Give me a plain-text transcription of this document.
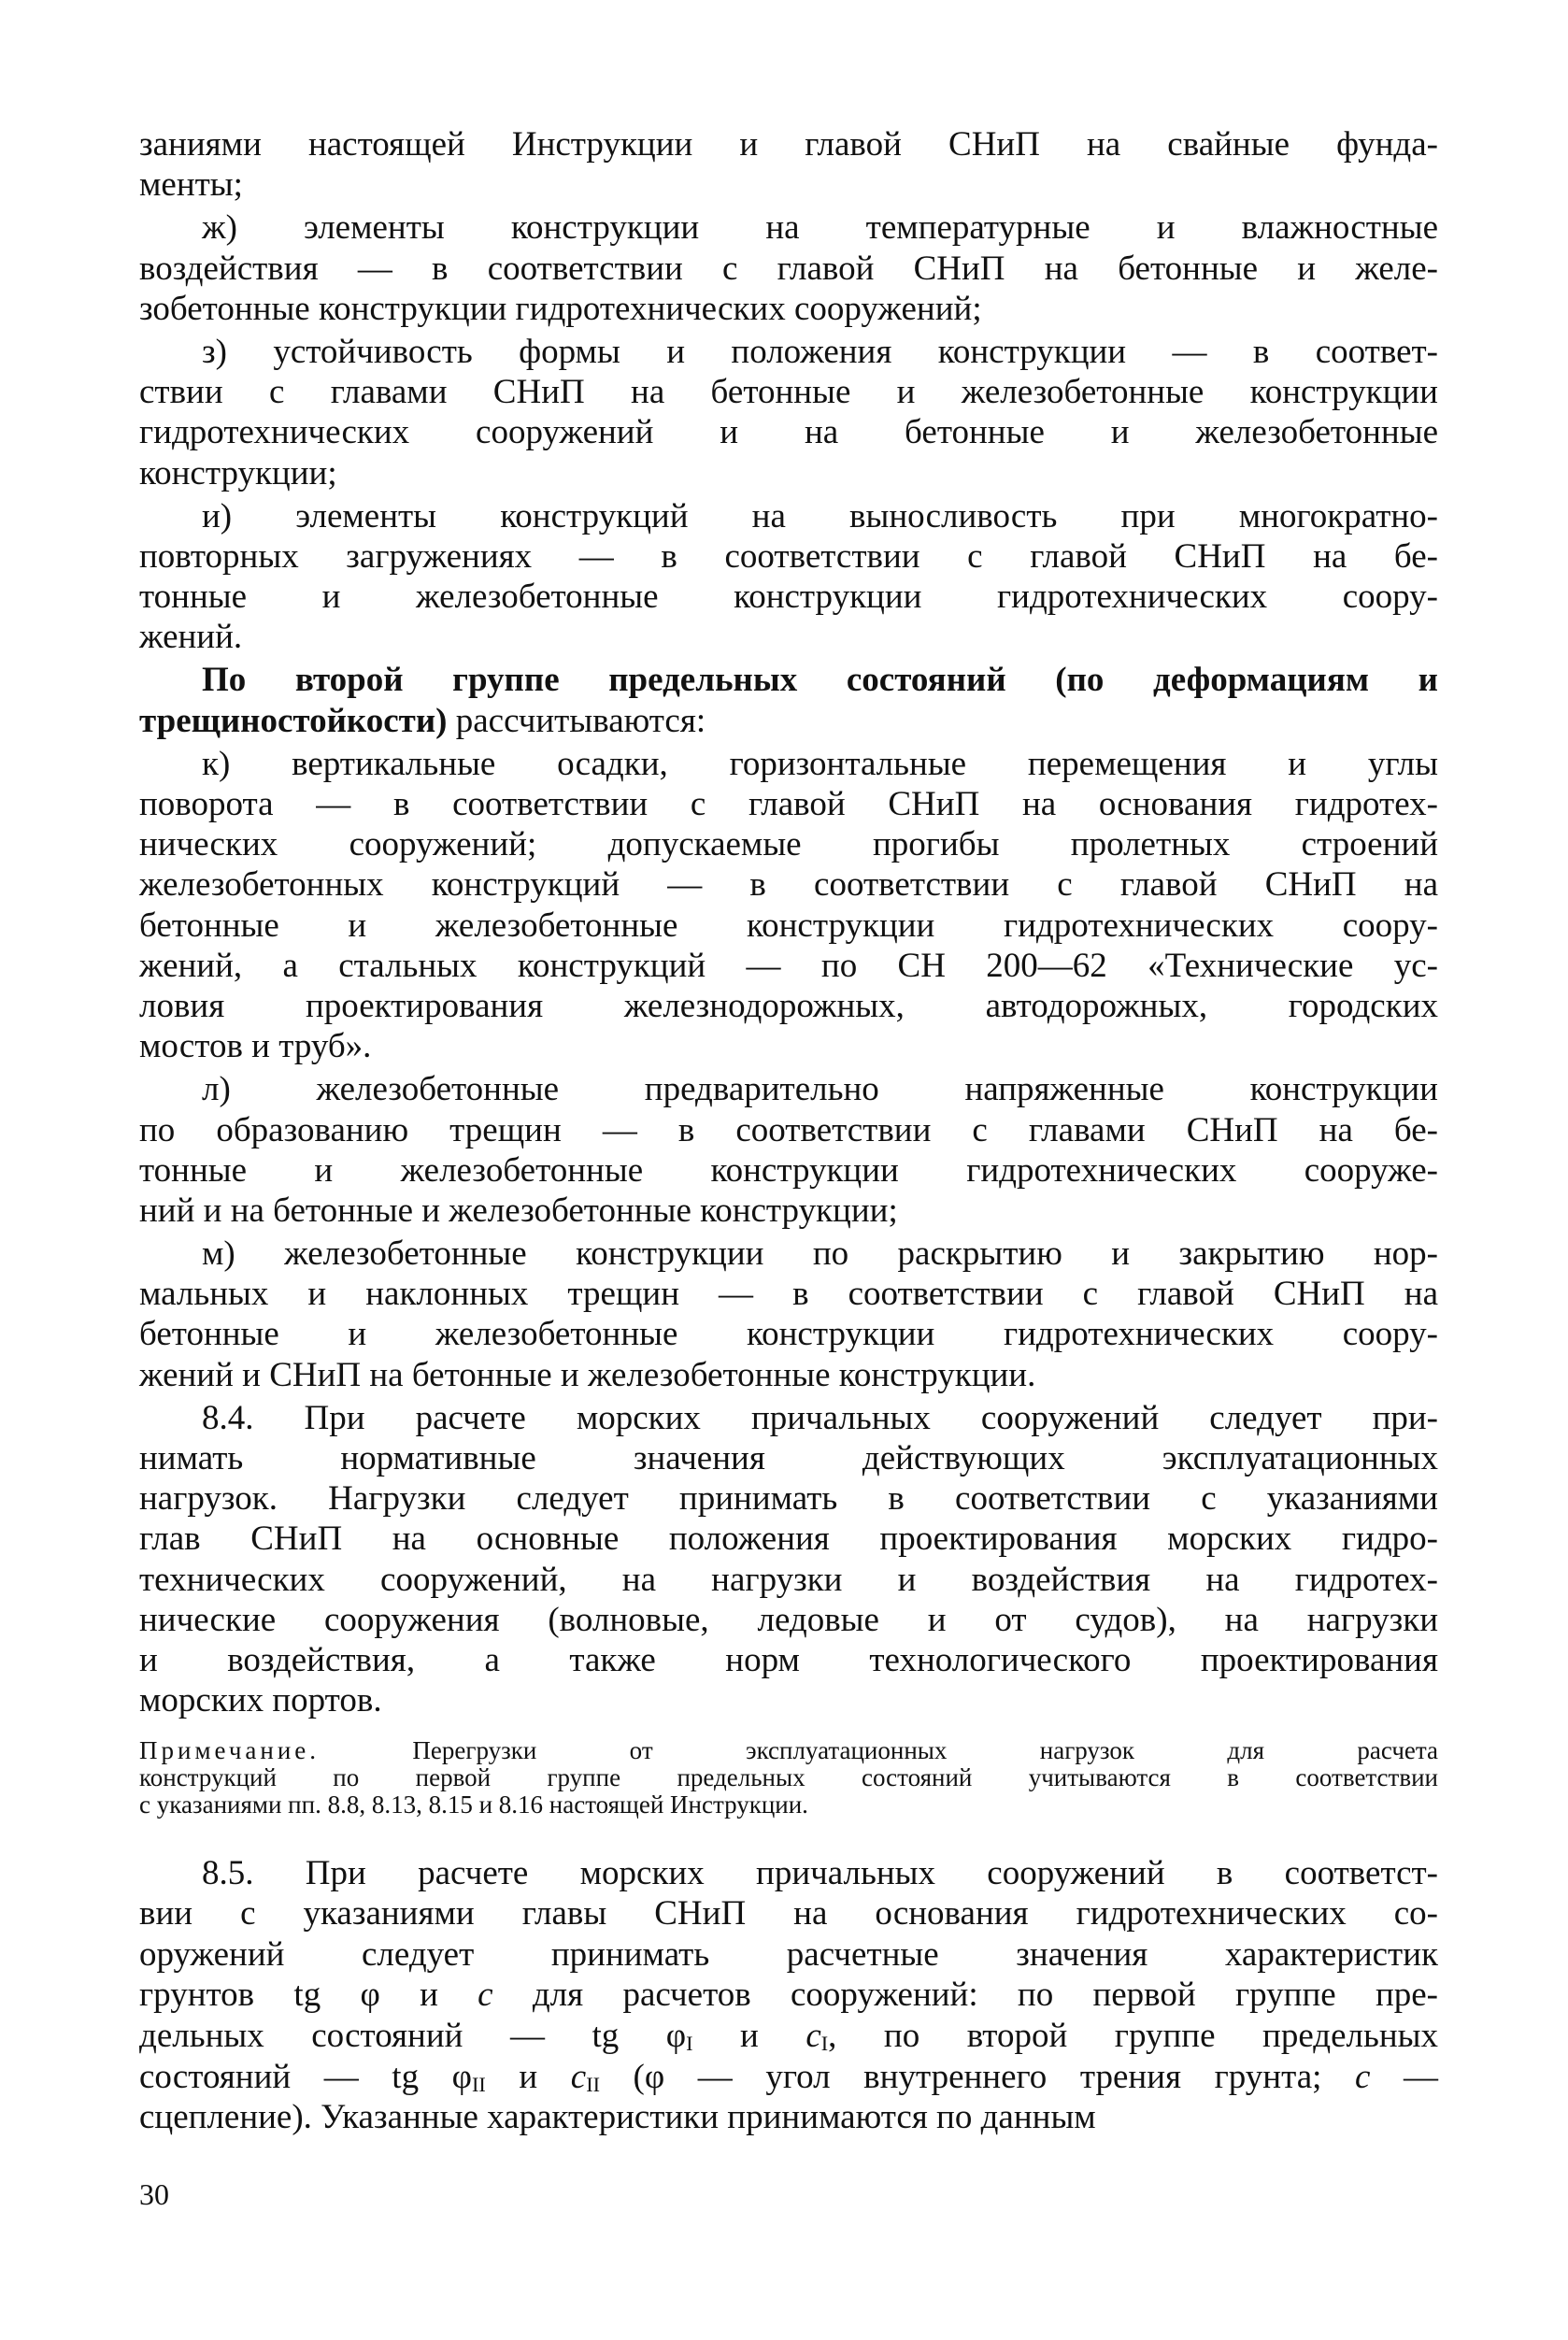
заниями настоящей Инструкции и главой СНиП на свайные фунда-
менты;
ж) элементы конструкции на температурные и влажностные
воздействия — в соответствии с главой СНиП на бетонные и желе-
зобетонные конструкции гидротехнических сооружений;
з) устойчивость формы и положения конструкции — в соответ-
ствии с главами СНиП на бетонные и железобетонные конструкции
гидротехнических сооружений и на бетонные и железобетонные
конструкции;
и) элементы конструкций на выносливость при многократно-
повторных загружениях — в соответствии с главой СНиП на бе-
тонные и железобетонные конструкции гидротехнических соору-
жений.
По второй группе предельных состояний (по деформациям и
трещиностойкости) рассчитываются:
к) вертикальные осадки, горизонтальные перемещения и углы
поворота — в соответствии с главой СНиП на основания гидротех-
нических сооружений; допускаемые прогибы пролетных строений
железобетонных конструкций — в соответствии с главой СНиП на
бетонные и железобетонные конструкции гидротехнических соору-
жений, а стальных конструкций — по СН 200—62 «Технические ус-
ловия проектирования железнодорожных, автодорожных, городских
мостов и труб».
л) железобетонные предварительно напряженные конструкции
по образованию трещин — в соответствии с главами СНиП на бе-
тонные и железобетонные конструкции гидротехнических сооруже-
ний и на бетонные и железобетонные конструкции;
м) железобетонные конструкции по раскрытию и закрытию нор-
мальных и наклонных трещин — в соответствии с главой СНиП на
бетонные и железобетонные конструкции гидротехнических соору-
жений и СНиП на бетонные и железобетонные конструкции.
8.4. При расчете морских причальных сооружений следует при-
нимать нормативные значения действующих эксплуатационных
нагрузок. Нагрузки следует принимать в соответствии с указаниями
глав СНиП на основные положения проектирования морских гидро-
технических сооружений, на нагрузки и воздействия на гидротех-
нические сооружения (волновые, ледовые и от судов), на нагрузки
и воздействия, а также норм технологического проектирования
морских портов.
Примечание. Перегрузки от эксплуатационных нагрузок для расчета
конструкций по первой группе предельных состояний учитываются в соответствии
с указаниями пп. 8.8, 8.13, 8.15 и 8.16 настоящей Инструкции.
8.5. При расчете морских причальных сооружений в соответст-
вии с указаниями главы СНиП на основания гидротехнических со-
оружений следует принимать расчетные значения характеристик
грунтов tg φ и c для расчетов сооружений: по первой группе пре-
дельных состояний — tg φI и cI, по второй группе предельных
состояний — tg φII и cII (φ — угол внутреннего трения грунта; c —
сцепление). Указанные характеристики принимаются по данным
30
